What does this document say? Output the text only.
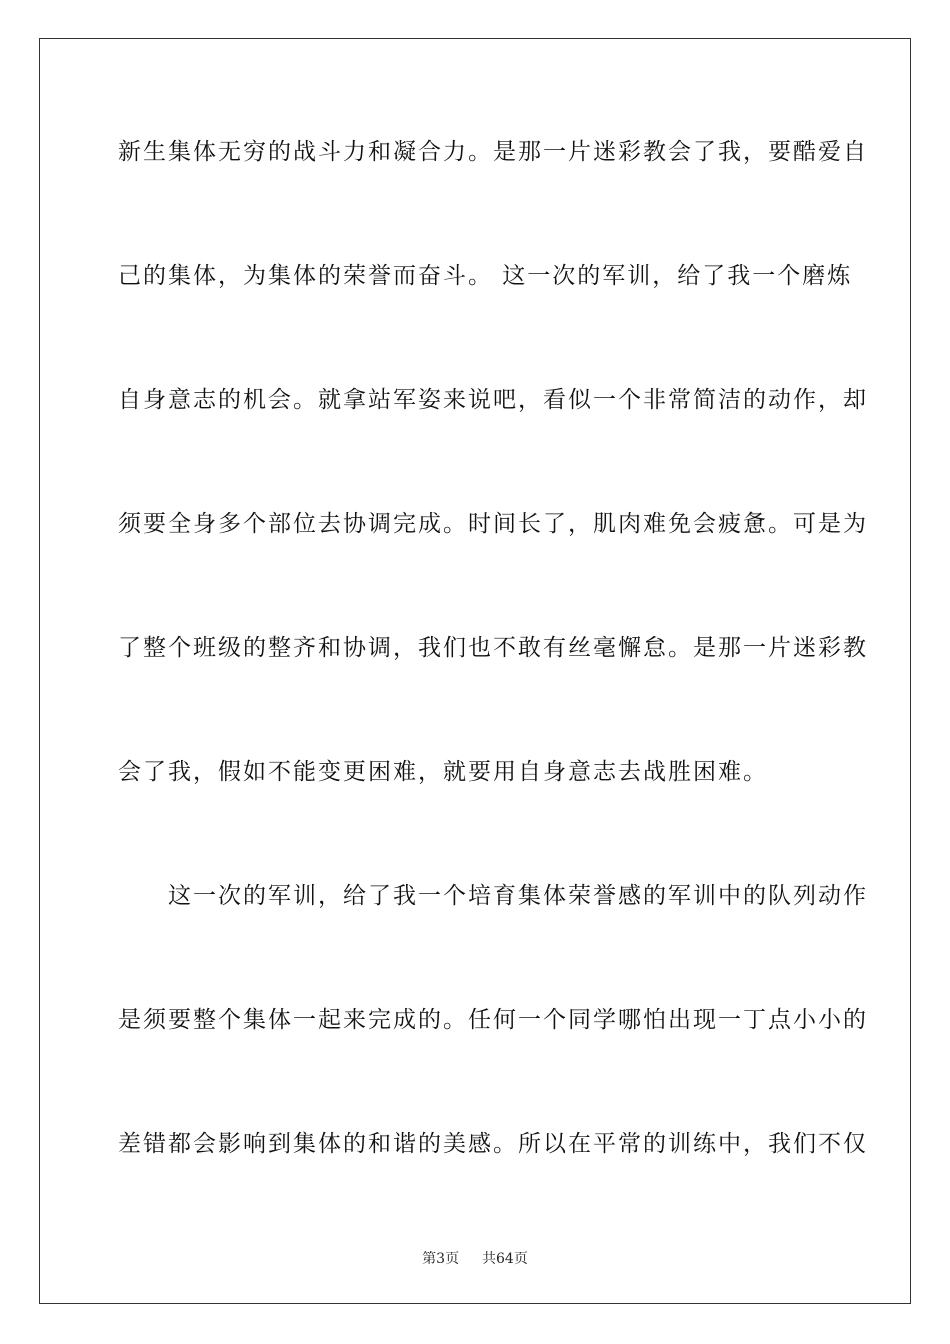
新生集体无穷的战斗力和凝合力。是那一片迷彩教会了我，要酷爱自
己的集体，为集体的荣誉而奋斗。 这一次的军训，给了我一个磨炼
自身意志的机会。就拿站军姿来说吧，看似一个非常简洁的动作，却
须要全身多个部位去协调完成。时间长了，肌肉难免会疲惫。可是为
了整个班级的整齐和协调，我们也不敢有丝毫懈怠。是那一片迷彩教
会了我，假如不能变更困难，就要用自身意志去战胜困难。
　　这一次的军训，给了我一个培育集体荣誉感的军训中的队列动作
是须要整个集体一起来完成的。任何一个同学哪怕出现一丁点小小的
差错都会影响到集体的和谐的美感。所以在平常的训练中，我们不仅
第3页 共64页
